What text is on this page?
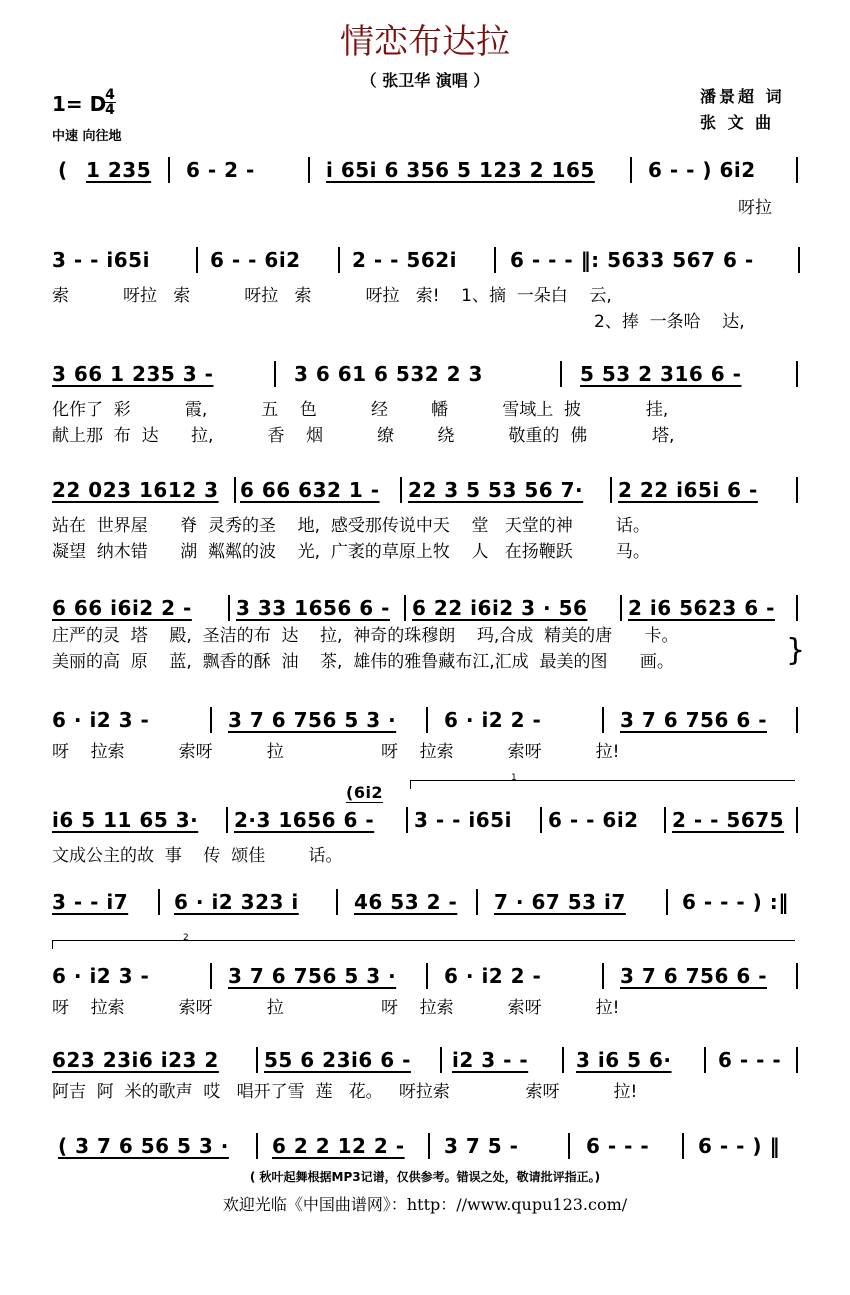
情恋布达拉
（ 张卫华 演唱 ）
1= D
4
4
中速 向往地
潘景超 词
张 文 曲
( 1 235 6 - 2 -	i 65i 6 356 5 123 2 165	6 - - ) 6i2

呀拉

3 - - i65i	6 - - 6i2	2 - - 562i	6 - - - ‖: 5633 567 6 -

索          呀拉   索          呀拉   索          呀拉   索!    1、摘  一朵白    云,

2、捧  一条哈    达,

3 66 1 235 3 -	3 6 61 6 532 2 3	5 53 2 316 6 -

化作了  彩          霞,          五    色          经        幡          雪域上  披            挂,

献上那  布  达      拉,          香    烟          缭        绕          敬重的  佛            塔,

22 023 1612 3 6 66 632 1 - 22 3 5 53 56 7· 2 22 i65i 6 -

站在  世界屋      脊  灵秀的圣    地,  感受那传说中天    堂   天堂的神        话。

凝望  纳木错      湖  粼粼的波    光,  广袤的草原上牧    人   在扬鞭跃        马。

6 66 i6i2 2 - 3 33 1656 6 - 6 22 i6i2 3 · 56 2 i6 5623 6 -

庄严的灵  塔    殿,  圣洁的布  达    拉,  神奇的珠穆朗    玛,合成  精美的唐      卡。

美丽的高  原    蓝,  飘香的酥  油    茶,  雄伟的雅鲁藏布江,汇成  最美的图      画。	}
6 · i2 3 -	3 7 6 756 5 3 · 6 · i2 2 -	3 7 6 756 6 -

呀    拉索          索呀          拉                  呀    拉索          索呀          拉!

1
(6i2
i6 5 11 65 3· 2·3 1656 6 - 3 - - i65i 6 - - 6i2 2 - - 5675

文成公主的故  事    传  颂佳        话。

3 - - i7 6 · i2 323 i	46 53 2 - 7 · 67 53 i7	6 - - - ) :‖
2
6 · i2 3 -	3 7 6 756 5 3 · 6 · i2 2 -	3 7 6 756 6 -

呀    拉索          索呀          拉                  呀    拉索          索呀          拉!

623 23i6 i23 2 55 6 23i6 6 - i2 3 - - 3 i6 5 6· 6 - - -

阿吉  阿  米的歌声  哎   唱开了雪  莲   花。   呀拉索              索呀          拉!

( 3 7 6 56 5 3 · 6 2 2 12 2 - 3 7 5 -	6 - - - 6 - - ) ‖
( 秋叶起舞根据MP3记谱，仅供参考。错误之处，敬请批评指正。)
欢迎光临《中国曲谱网》：http：//www.qupu123.com/
